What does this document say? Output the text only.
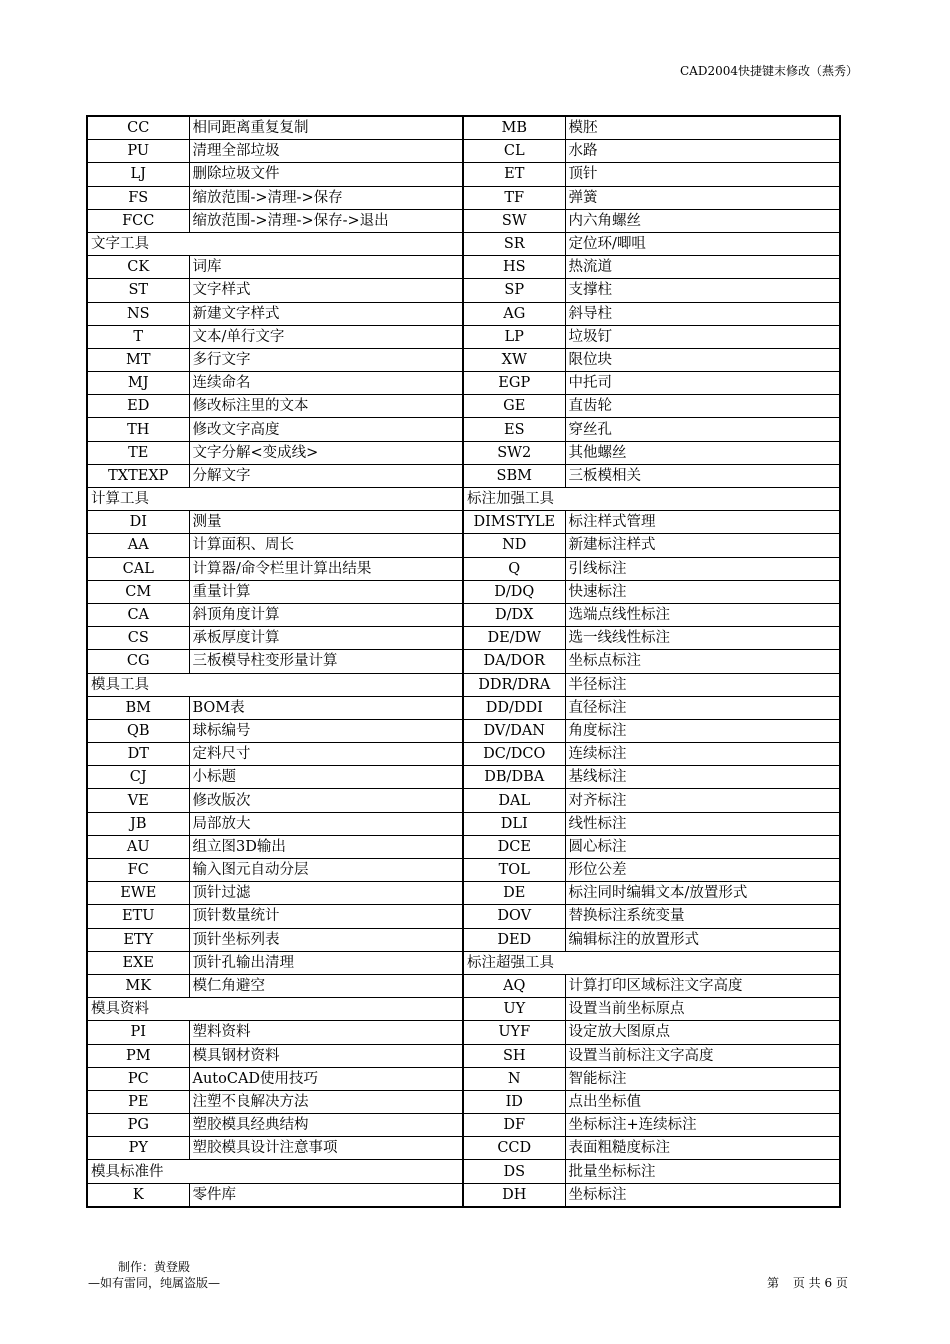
CAD2004快捷键末修改（燕秀）
CC	相同距离重复复制	MB	模胚
PU	清理全部垃圾	CL	水路
LJ	删除垃圾文件	ET	顶针
FS	缩放范围->清理->保存	TF	弹簧
FCC	缩放范围->清理->保存->退出	SW	内六角螺丝
文字工具		SR	定位环/唧咀
CK	词库	HS	热流道
ST	文字样式	SP	支撑柱
NS	新建文字样式	AG	斜导柱
T	文本/单行文字	LP	垃圾钉
MT	多行文字	XW	限位块
MJ	连续命名	EGP	中托司
ED	修改标注里的文本	GE	直齿轮
TH	修改文字高度	ES	穿丝孔
TE	文字分解<变成线>	SW2	其他螺丝
TXTEXP	分解文字	SBM	三板模相关
计算工具		标注加强工具	
DI	测量	DIMSTYLE	标注样式管理
AA	计算面积、周长	ND	新建标注样式
CAL	计算器/命令栏里计算出结果	Q	引线标注
CM	重量计算	D/DQ	快速标注
CA	斜顶角度计算	D/DX	选端点线性标注
CS	承板厚度计算	DE/DW	选一线线性标注
CG	三板模导柱变形量计算	DA/DOR	坐标点标注
模具工具		DDR/DRA	半径标注
BM	BOM表	DD/DDI	直径标注
QB	球标编号	DV/DAN	角度标注
DT	定料尺寸	DC/DCO	连续标注
CJ	小标题	DB/DBA	基线标注
VE	修改版次	DAL	对齐标注
JB	局部放大	DLI	线性标注
AU	组立图3D输出	DCE	圆心标注
FC	输入图元自动分层	TOL	形位公差
EWE	顶针过滤	DE	标注同时编辑文本/放置形式
ETU	顶针数量统计	DOV	替换标注系统变量
ETY	顶针坐标列表	DED	编辑标注的放置形式
EXE	顶针孔输出清理	标注超强工具	
MK	模仁角避空	AQ	计算打印区域标注文字高度
模具资料		UY	设置当前坐标原点
PI	塑料资料	UYF	设定放大图原点
PM	模具钢材资料	SH	设置当前标注文字高度
PC	AutoCAD使用技巧	N	智能标注
PE	注塑不良解决方法	ID	点出坐标值
PG	塑胶模具经典结构	DF	坐标标注+连续标注
PY	塑胶模具设计注意事项	CCD	表面粗糙度标注
模具标准件		DS	批量坐标标注
K	零件库	DH	坐标标注
制作：黄登殿
—如有雷同，纯属盗版—	第 页 共 6 页
